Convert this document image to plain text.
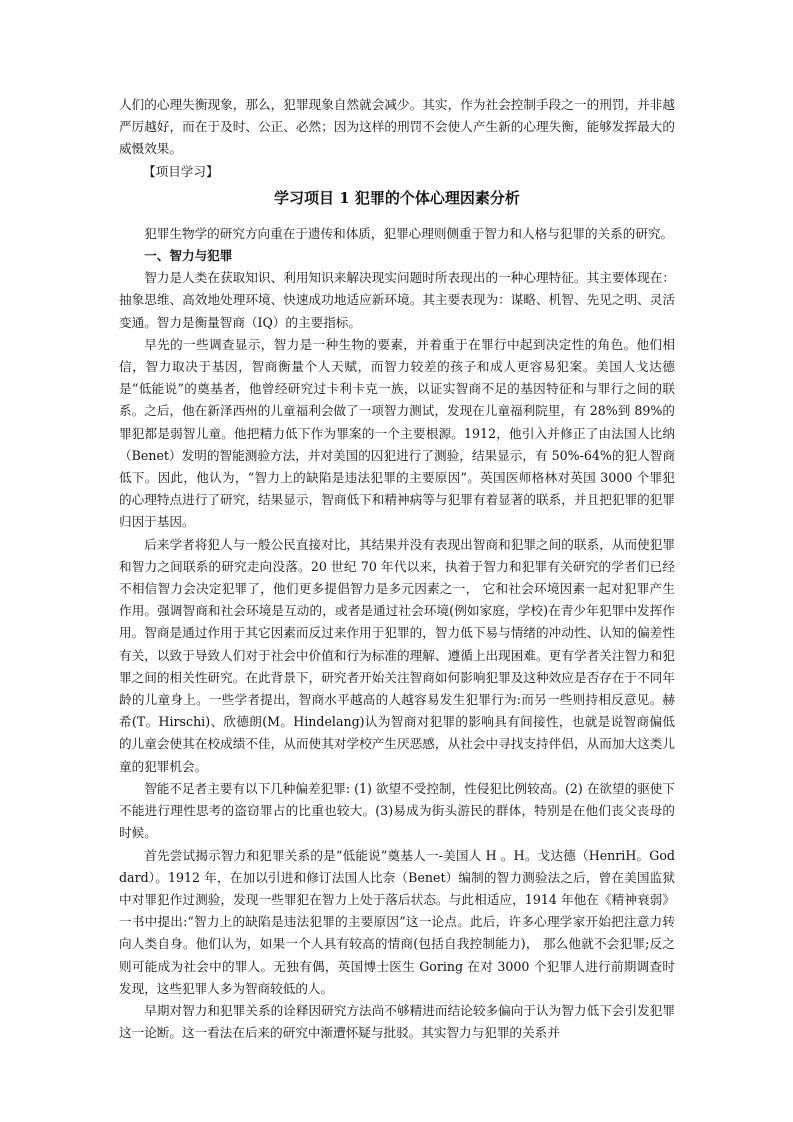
人们的心理失衡现象，那么，犯罪现象自然就会减少。其实，作为社会控制手段之一的刑罚，并非越严厉越好，而在于及时、公正、必然；因为这样的刑罚不会使人产生新的心理失衡，能够发挥最大的威慑效果。

【项目学习】

学习项目 1 犯罪的个体心理因素分析

犯罪生物学的研究方向重在于遗传和体质，犯罪心理则侧重于智力和人格与犯罪的关系的研究。

一、智力与犯罪

智力是人类在获取知识、利用知识来解决现实问题时所表现出的一种心理特征。其主要体现在：抽象思维、高效地处理环境、快速成功地适应新环境。其主要表现为：谋略、机智、先见之明、灵活变通。智力是衡量智商（IQ）的主要指标。

早先的一些调查显示，智力是一种生物的要素，并着重于在罪行中起到决定性的角色。他们相信，智力取决于基因，智商衡量个人天赋，而智力较差的孩子和成人更容易犯案。美国人戈达德是“低能说”的奠基者，他曾经研究过卡利卡克一族，以证实智商不足的基因特征和与罪行之间的联系。之后，他在新泽西州的儿童福利会做了一项智力测试，发现在儿童福利院里，有 28%到 89%的罪犯都是弱智儿童。他把精力低下作为罪案的一个主要根源。1912，他引入并修正了由法国人比纳（Benet）发明的智能测验方法，并对美国的囚犯进行了测验，结果显示，有 50%-64%的犯人智商低下。因此，他认为，“智力上的缺陷是违法犯罪的主要原因”。英国医师格林对英国 3000 个罪犯的心理特点进行了研究，结果显示，智商低下和精神病等与犯罪有着显著的联系，并且把犯罪的犯罪归因于基因。

后来学者将犯人与一般公民直接对比，其结果并没有表现出智商和犯罪之间的联系，从而使犯罪和智力之间联系的研究走向没落。20 世纪 70 年代以来，执着于智力和犯罪有关研究的学者们已经不相信智力会决定犯罪了，他们更多提倡智力是多元因素之一， 它和社会环境因素一起对犯罪产生作用。强调智商和社会环境是互动的，或者是通过社会环境(例如家庭，学校)在青少年犯罪中发挥作用。智商是通过作用于其它因素而反过来作用于犯罪的，智力低下易与情绪的冲动性、认知的偏差性有关，以致于导致人们对于社会中价值和行为标准的理解、遵循上出现困难。更有学者关注智力和犯罪之间的相关性研究。在此背景下，研究者开始关注智商如何影响犯罪及这种效应是否存在于不同年龄的儿童身上。一些学者提出，智商水平越高的人越容易发生犯罪行为:而另一些则持相反意见。赫希(T。Hirschi)、欣德朗(M。Hindelang)认为智商对犯罪的影响具有间接性，也就是说智商偏低的儿童会使其在校成绩不佳，从而使其对学校产生厌恶感，从社会中寻找支持伴侣，从而加大这类儿童的犯罪机会。

智能不足者主要有以下几种偏差犯罪: (1) 欲望不受控制，性侵犯比例较高。(2) 在欲望的驱使下不能进行理性思考的盗窃罪占的比重也较大。(3)易成为街头游民的群体，特别是在他们丧父丧母的时候。

首先尝试揭示智力和犯罪关系的是“低能说”奠基人一-美国人 H 。H。戈达德（HenriH。Goddard）。1912 年，在加以引进和修订法国人比奈（Benet）编制的智力测验法之后，曾在美国监狱中对罪犯作过测验，发现一些罪犯在智力上处于落后状态。与此相适应，1914 年他在《精神衰弱》一书中提出:“智力上的缺陷是违法犯罪的主要原因”这一论点。此后，许多心理学家开始把注意力转向人类自身。他们认为，如果一个人具有较高的情商(包括自我控制能力)， 那么他就不会犯罪;反之则可能成为社会中的罪人。无独有偶，英国博士医生 Goring 在对 3000 个犯罪人进行前期调查时发现，这些犯罪人多为智商较低的人。

早期对智力和犯罪关系的诠释因研究方法尚不够精进而结论较多偏向于认为智力低下会引发犯罪这一论断。这一看法在后来的研究中渐遭怀疑与批驳。其实智力与犯罪的关系并
